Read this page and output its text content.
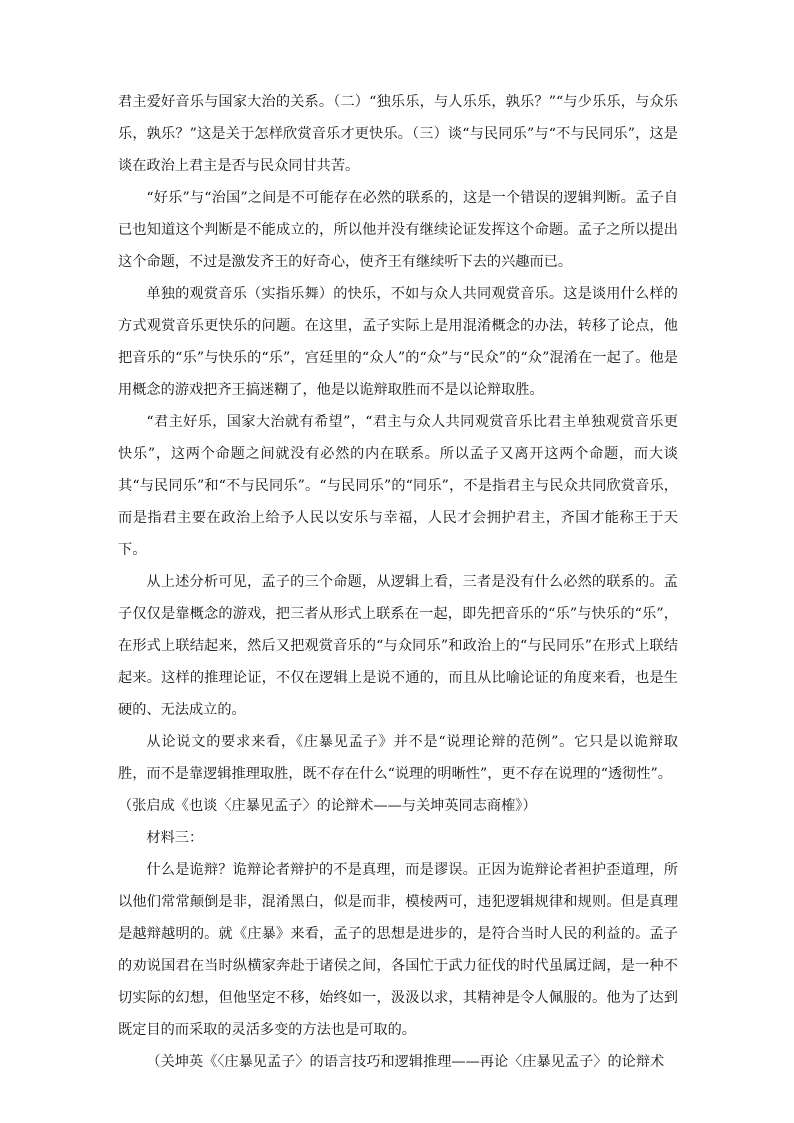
君主爱好音乐与国家大治的关系。（二）“独乐乐，与人乐乐，孰乐？”“与少乐乐，与众乐乐，孰乐？”这是关于怎样欣赏音乐才更快乐。（三）谈“与民同乐”与“不与民同乐”，这是谈在政治上君主是否与民众同甘共苦。

“好乐”与“治国”之间是不可能存在必然的联系的，这是一个错误的逻辑判断。孟子自已也知道这个判断是不能成立的，所以他并没有继续论证发挥这个命题。孟子之所以提出这个命题，不过是激发齐王的好奇心，使齐王有继续听下去的兴趣而已。

单独的观赏音乐（实指乐舞）的快乐，不如与众人共同观赏音乐。这是谈用什么样的方式观赏音乐更快乐的问题。在这里，孟子实际上是用混淆概念的办法，转移了论点，他把音乐的“乐”与快乐的“乐”，宫廷里的“众人”的“众”与“民众”的“众”混淆在一起了。他是用概念的游戏把齐王搞迷糊了，他是以诡辩取胜而不是以论辩取胜。

“君主好乐，国家大治就有希望”，“君主与众人共同观赏音乐比君主单独观赏音乐更快乐”，这两个命题之间就没有必然的内在联系。所以孟子又离开这两个命题，而大谈其“与民同乐”和“不与民同乐”。“与民同乐”的“同乐”，不是指君主与民众共同欣赏音乐，而是指君主要在政治上给予人民以安乐与幸福，人民才会拥护君主，齐国才能称王于天下。

从上述分析可见，孟子的三个命题，从逻辑上看，三者是没有什么必然的联系的。孟子仅仅是靠概念的游戏，把三者从形式上联系在一起，即先把音乐的“乐”与快乐的“乐”，在形式上联结起来，然后又把观赏音乐的“与众同乐”和政治上的“与民同乐”在形式上联结起来。这样的推理论证，不仅在逻辑上是说不通的，而且从比喻论证的角度来看，也是生硬的、无法成立的。

从论说文的要求来看，《庄暴见孟子》并不是“说理论辩的范例”。它只是以诡辩取胜，而不是靠逻辑推理取胜，既不存在什么“说理的明晰性”，更不存在说理的“透彻性”。

（张启成《也谈〈庄暴见孟子〉的论辩术——与关坤英同志商榷》）

材料三：

什么是诡辩？诡辩论者辩护的不是真理，而是谬误。正因为诡辩论者袒护歪道理，所以他们常常颠倒是非，混淆黑白，似是而非，模棱两可，违犯逻辑规律和规则。但是真理是越辩越明的。就《庄暴》来看，孟子的思想是进步的，是符合当时人民的利益的。孟子的劝说国君在当时纵横家奔赴于诸侯之间，各国忙于武力征伐的时代虽属迂阔，是一种不切实际的幻想，但他坚定不移，始终如一，汲汲以求，其精神是令人佩服的。他为了达到既定目的而采取的灵活多变的方法也是可取的。

（关坤英《〈庄暴见孟子〉的语言技巧和逻辑推理——再论〈庄暴见孟子〉的论辩术
